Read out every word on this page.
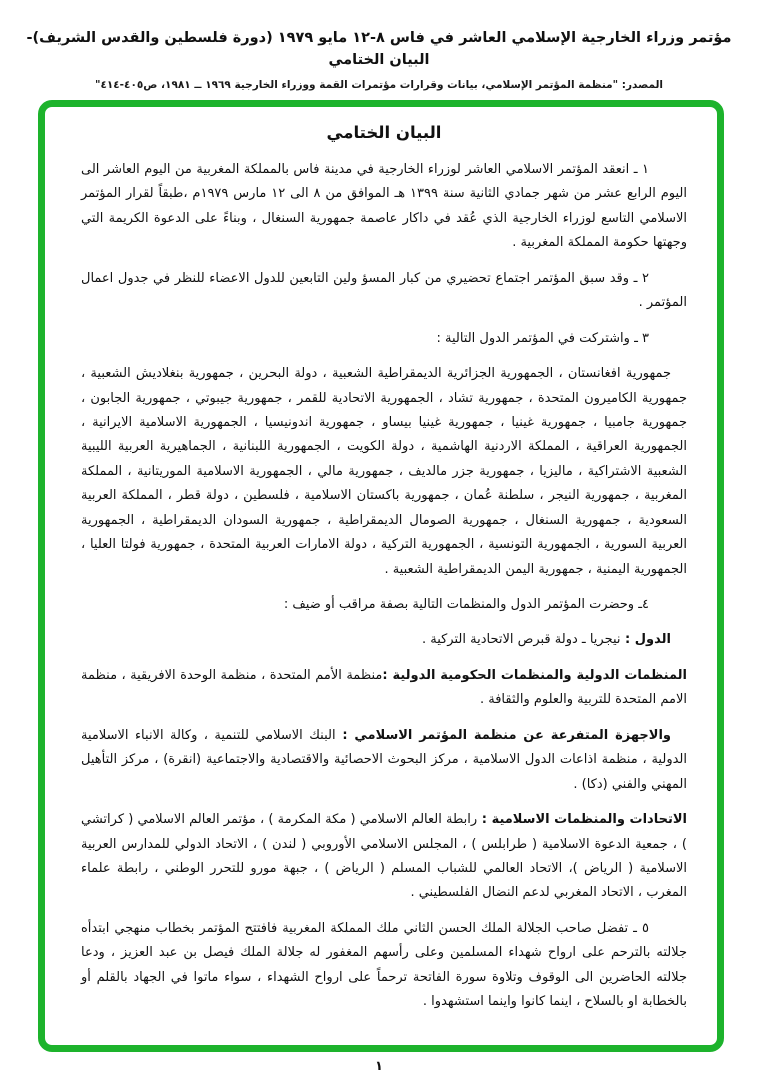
مؤتمر وزراء الخارجية الإسلامي العاشر في فاس ٨-١٢ مايو ١٩٧٩ (دورة فلسطين والقدس الشريف)- البيان الختامي
المصدر: "منظمة المؤتمر الإسلامي، بيانات وقرارات مؤتمرات القمة ووزراء الخارجية ١٩٦٩ ــ ١٩٨١، ص٤٠٥-٤١٤"
البيان الختامي

١ ـ انعقد المؤتمر الاسلامي العاشر لوزراء الخارجية في مدينة فاس بالمملكة المغربية من اليوم العاشر الى اليوم الرابع عشر من شهر جمادي الثانية سنة ١٣٩٩ هـ الموافق من ٨ الى ١٢ مارس ١٩٧٩م ،طبقاً لقرار المؤتمر الاسلامي التاسع لوزراء الخارجية الذي عُقد في داكار عاصمة جمهورية السنغال ، وبناءً على الدعوة الكريمة التي وجهتها حكومة المملكة المغربية .

٢ ـ وقد سبق المؤتمر اجتماع تحضيري من كبار المسؤ ولين التابعين للدول الاعضاء للنظر في جدول اعمال المؤتمر .

٣ ـ واشتركت في المؤتمر الدول التالية :

جمهورية افغانستان ، الجمهورية الجزائرية الديمقراطية الشعبية ، دولة البحرين ، جمهورية بنغلاديش الشعبية ، جمهورية الكاميرون المتحدة ، جمهورية تشاد ، الجمهورية الاتحادية للقمر ، جمهورية جيبوتي ، جمهورية الجابون ، جمهورية جامبيا ، جمهورية غينيا ، جمهورية غينيا بيساو ، جمهورية اندونيسيا ، الجمهورية الاسلامية الايرانية ، الجمهورية العراقية ، المملكة الاردنية الهاشمية ، دولة الكويت ، الجمهورية اللبنانية ، الجماهيرية العربية الليبية الشعبية الاشتراكية ، ماليزيا ، جمهورية جزر مالديف ، جمهورية مالي ، الجمهورية الاسلامية الموريتانية ، المملكة المغربية ، جمهورية النيجر ، سلطنة عُمان ، جمهورية باكستان الاسلامية ، فلسطين ، دولة قطر ، المملكة العربية السعودية ، جمهورية السنغال ، جمهورية الصومال الديمقراطية ، جمهورية السودان الديمقراطية ، الجمهورية العربية السورية ، الجمهورية التونسية ، الجمهورية التركية ، دولة الامارات العربية المتحدة ، جمهورية فولتا العليا ، الجمهورية اليمنية ، جمهورية اليمن الديمقراطية الشعبية .

٤ـ وحضرت المؤتمر الدول والمنظمات التالية بصفة مراقب أو ضيف :

الدول : نيجريا ـ دولة قبرص الاتحادية التركية .

المنظمات الدولية والمنظمات الحكومية الدولية :منظمة الأمم المتحدة ، منظمة الوحدة الافريقية ، منظمة الامم المتحدة للتربية والعلوم والثقافة .

والاجهزة المتفرعة عن منظمة المؤتمر الاسلامي : البنك الاسلامي للتنمية ، وكالة الانباء الاسلامية الدولية ، منظمة اذاعات الدول الاسلامية ، مركز البحوث الاحصائية والاقتصادية والاجتماعية (انقرة) ، مركز التأهيل المهني والفني (دكا) .

الاتحادات والمنظمات الاسلامية : رابطة العالم الاسلامي ( مكة المكرمة ) ، مؤتمر العالم الاسلامي ( كراتشي ) ، جمعية الدعوة الاسلامية ( طرابلس ) ، المجلس الاسلامي الأوروبي ( لندن ) ، الاتحاد الدولي للمدارس العربية الاسلامية ( الرياض )، الاتحاد العالمي للشباب المسلم ( الرياض ) ، جبهة مورو للتحرر الوطني ، رابطة علماء المغرب ، الاتحاد المغربي لدعم النضال الفلسطيني .

٥ ـ تفضل صاحب الجلالة الملك الحسن الثاني ملك المملكة المغربية فافتتح المؤتمر بخطاب منهجي ابتدأه جلالته بالترحم على ارواح شهداء المسلمين وعلى رأسهم المغفور له جلالة الملك فيصل بن عبد العزيز ، ودعا جلالته الحاضرين الى الوقوف وتلاوة سورة الفاتحة ترحماً على ارواح الشهداء ، سواء ماتوا في الجهاد بالقلم أو بالخطابة او بالسلاح ، اينما كانوا واينما استشهدوا .

١
